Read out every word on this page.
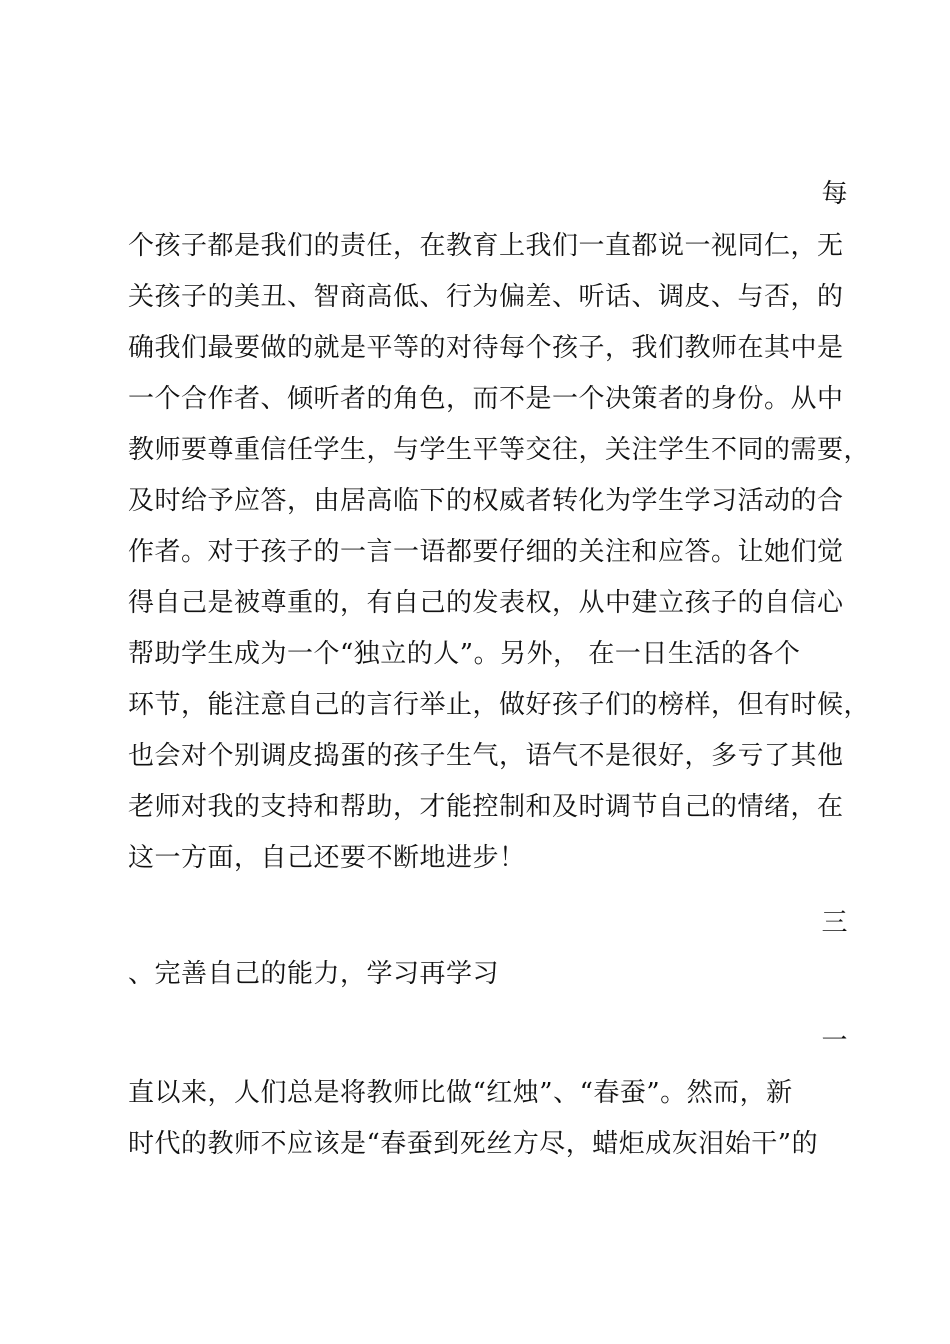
每
个孩子都是我们的责任，在教育上我们一直都说一视同仁，无
关孩子的美丑、智商高低、行为偏差、听话、调皮、与否，的
确我们最要做的就是平等的对待每个孩子，我们教师在其中是
一个合作者、倾听者的角色，而不是一个决策者的身份。从中
教师要尊重信任学生，与学生平等交往，关注学生不同的需要，
及时给予应答，由居高临下的权威者转化为学生学习活动的合
作者。对于孩子的一言一语都要仔细的关注和应答。让她们觉
得自己是被尊重的，有自己的发表权，从中建立孩子的自信心
帮助学生成为一个“独立的人”。另外， 在一日生活的各个
环节，能注意自己的言行举止，做好孩子们的榜样，但有时候，
也会对个别调皮捣蛋的孩子生气，语气不是很好，多亏了其他
老师对我的支持和帮助，才能控制和及时调节自己的情绪，在
这一方面，自己还要不断地进步！
三
、完善自己的能力，学习再学习
一
直以来，人们总是将教师比做“红烛”、“春蚕”。然而，新
时代的教师不应该是“春蚕到死丝方尽，蜡炬成灰泪始干”的
